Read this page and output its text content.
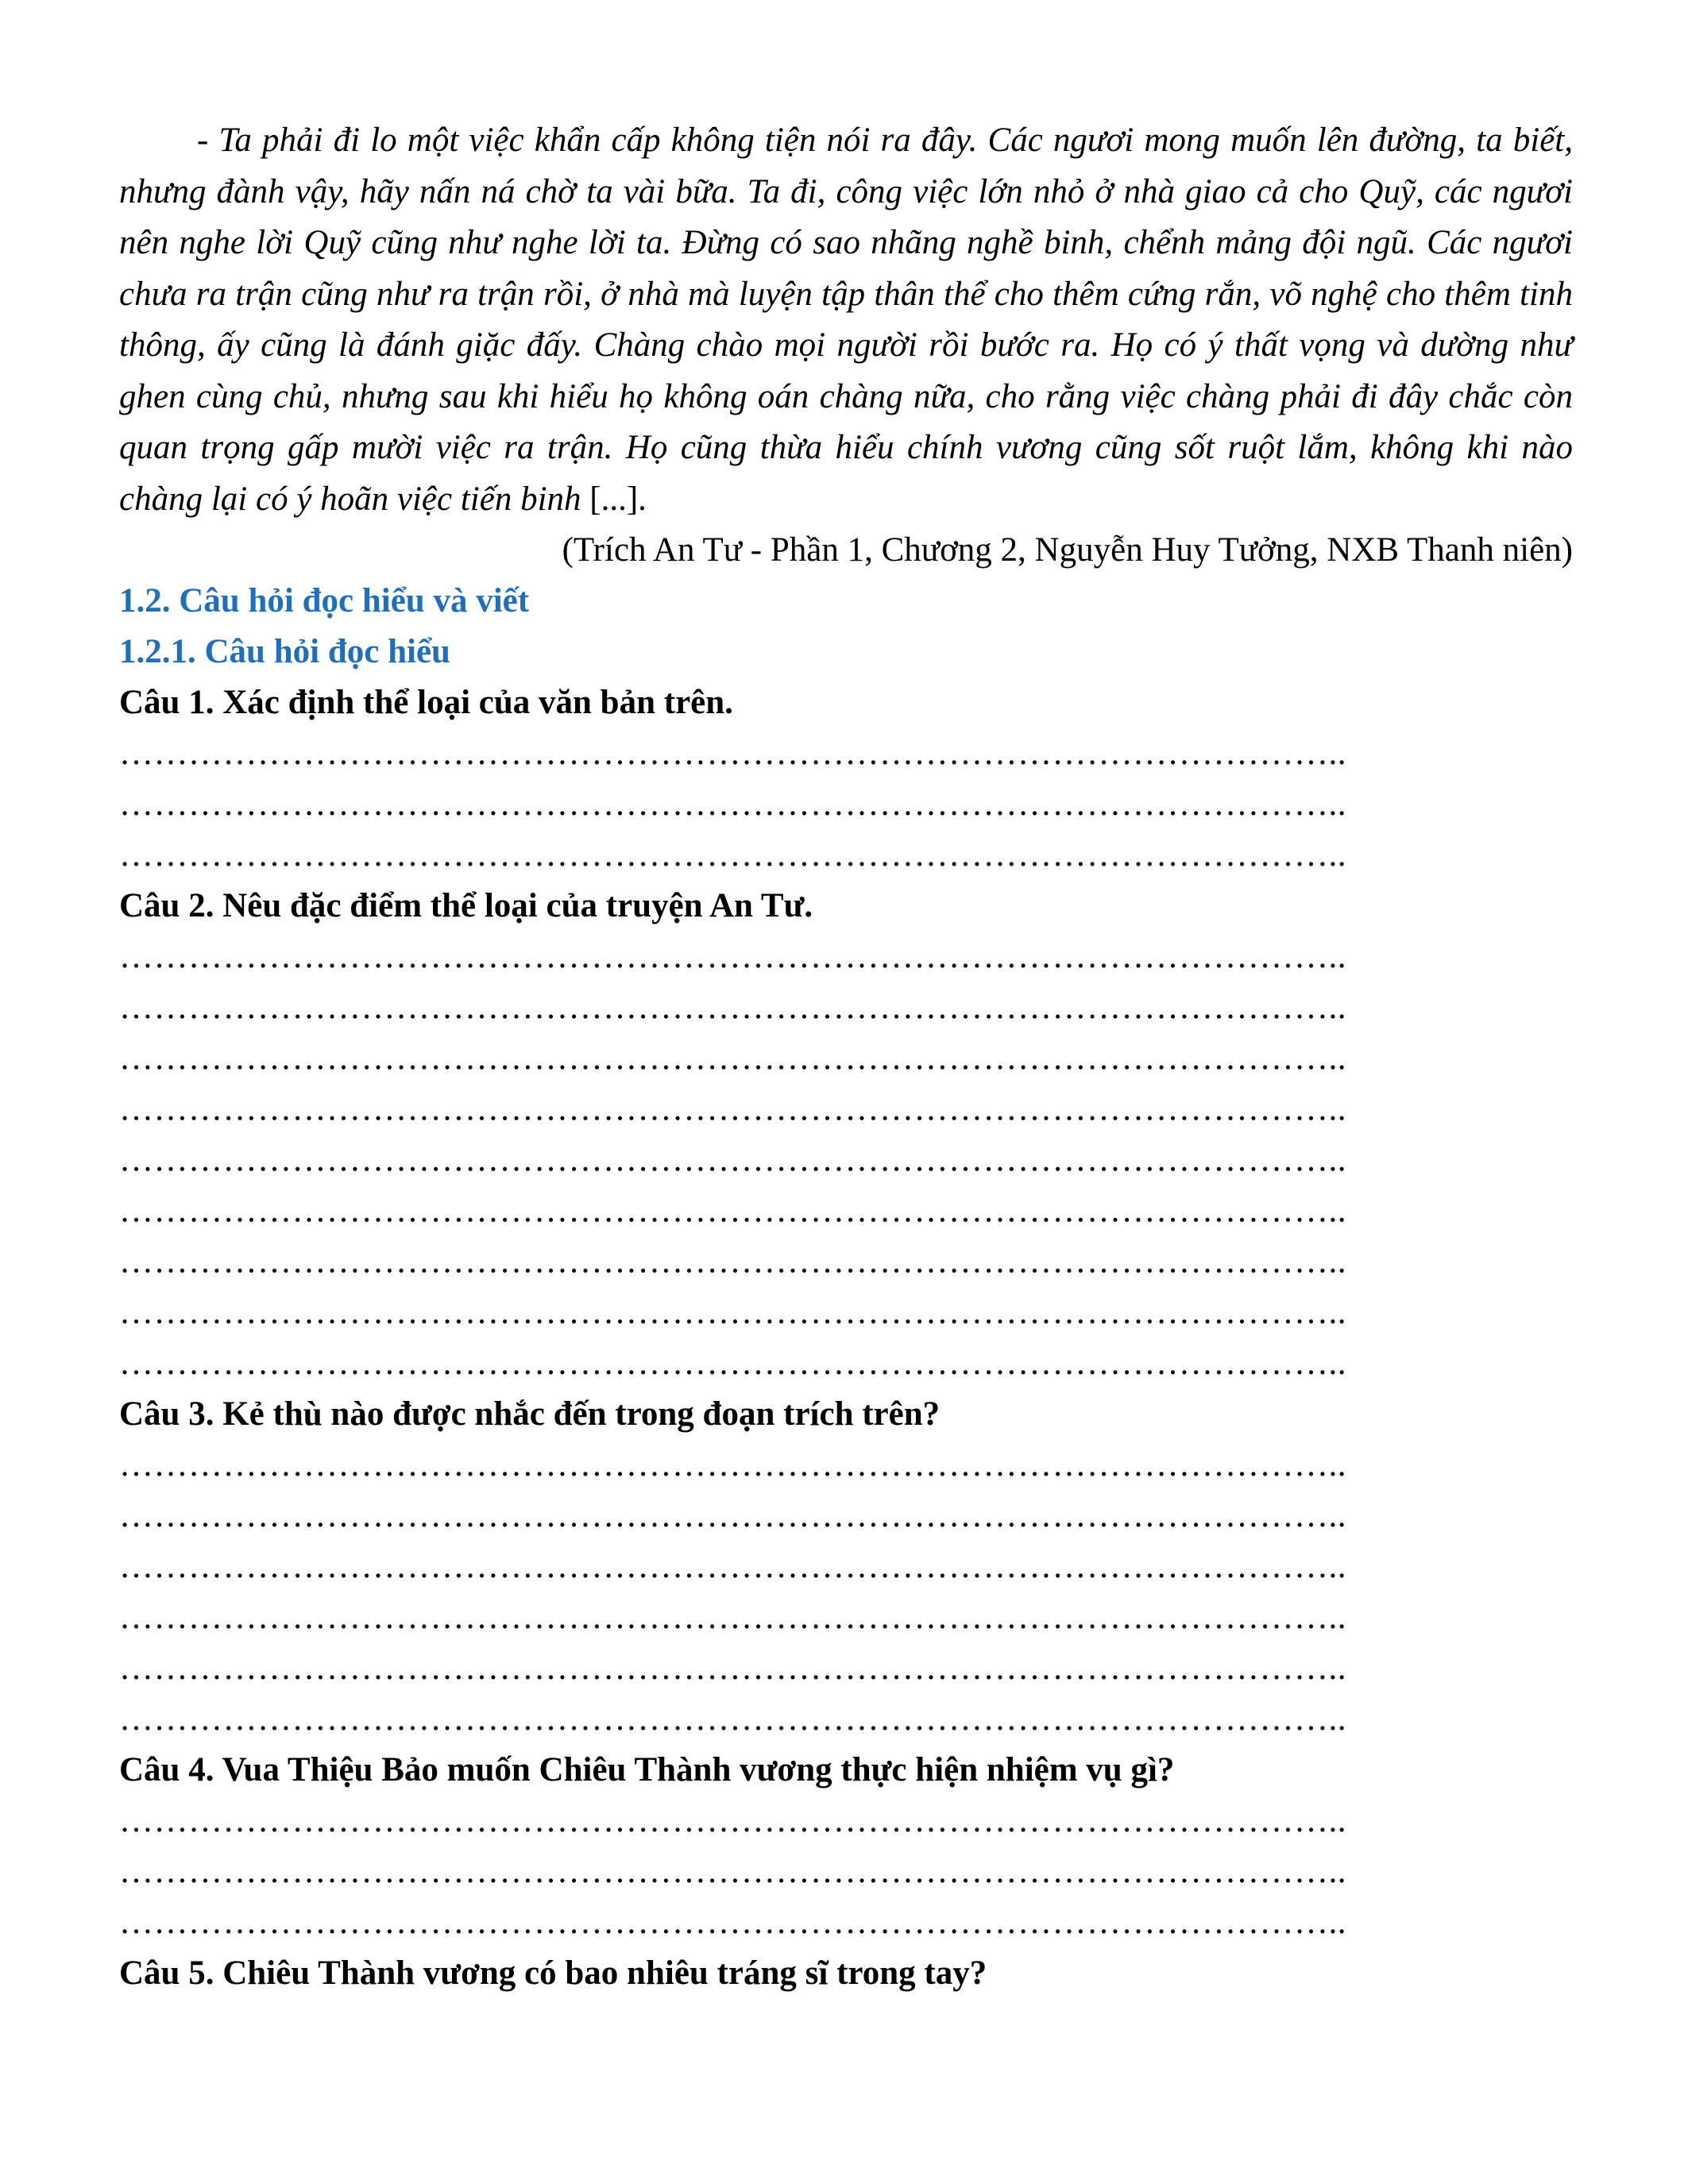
- Ta phải đi lo một việc khẩn cấp không tiện nói ra đây. Các ngươi mong muốn lên đường, ta biết, nhưng đành vậy, hãy nấn ná chờ ta vài bữa. Ta đi, công việc lớn nhỏ ở nhà giao cả cho Quỹ, các ngươi nên nghe lời Quỹ cũng như nghe lời ta. Đừng có sao nhãng nghề binh, chểnh mảng đội ngũ. Các ngươi chưa ra trận cũng như ra trận rồi, ở nhà mà luyện tập thân thể cho thêm cứng rắn, võ nghệ cho thêm tinh thông, ấy cũng là đánh giặc đấy. Chàng chào mọi người rồi bước ra. Họ có ý thất vọng và dường như ghen cùng chủ, nhưng sau khi hiểu họ không oán chàng nữa, cho rằng việc chàng phải đi đây chắc còn quan trọng gấp mười việc ra trận. Họ cũng thừa hiểu chính vương cũng sốt ruột lắm, không khi nào chàng lại có ý hoãn việc tiến binh [...].

(Trích An Tư - Phần 1, Chương 2, Nguyễn Huy Tưởng, NXB Thanh niên)

1.2. Câu hỏi đọc hiểu và viết

1.2.1. Câu hỏi đọc hiểu

Câu 1. Xác định thể loại của văn bản trên.

……………………………………………………………………………………………..

……………………………………………………………………………………………..

……………………………………………………………………………………………..

Câu 2. Nêu đặc điểm thể loại của truyện An Tư.

……………………………………………………………………………………………..

……………………………………………………………………………………………..

……………………………………………………………………………………………..

……………………………………………………………………………………………..

……………………………………………………………………………………………..

……………………………………………………………………………………………..

……………………………………………………………………………………………..

……………………………………………………………………………………………..

……………………………………………………………………………………………..

Câu 3. Kẻ thù nào được nhắc đến trong đoạn trích trên?

……………………………………………………………………………………………..

……………………………………………………………………………………………..

……………………………………………………………………………………………..

……………………………………………………………………………………………..

……………………………………………………………………………………………..

……………………………………………………………………………………………..

Câu 4. Vua Thiệu Bảo muốn Chiêu Thành vương thực hiện nhiệm vụ gì?

……………………………………………………………………………………………..

……………………………………………………………………………………………..

……………………………………………………………………………………………..

Câu 5. Chiêu Thành vương có bao nhiêu tráng sĩ trong tay?
